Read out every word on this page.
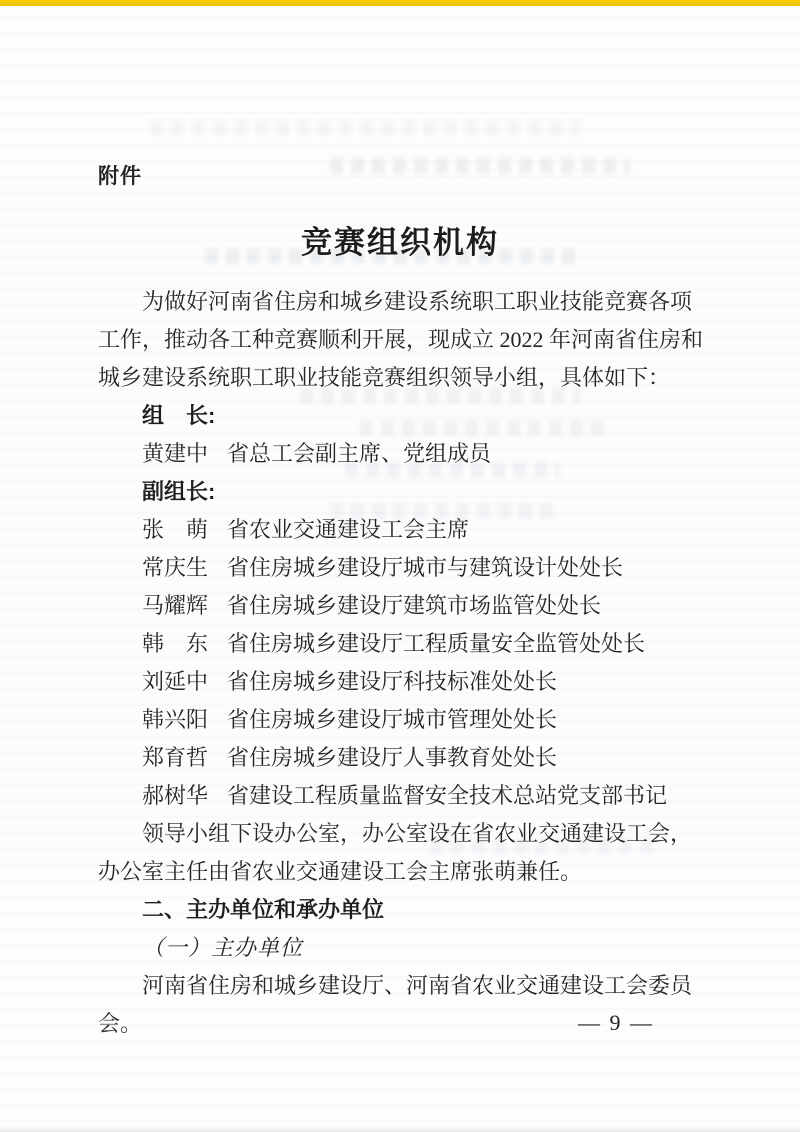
附件
竞赛组织机构

为做好河南省住房和城乡建设系统职工职业技能竞赛各项工作，推动各工种竞赛顺利开展，现成立 2022 年河南省住房和城乡建设系统职工职业技能竞赛组织领导小组，具体如下：

组　长:

黄建中 省总工会副主席、党组成员

副组长:

张　萌 省农业交通建设工会主席
常庆生 省住房城乡建设厅城市与建筑设计处处长
马耀辉 省住房城乡建设厅建筑市场监管处处长
韩　东 省住房城乡建设厅工程质量安全监管处处长
刘延中 省住房城乡建设厅科技标准处处长
韩兴阳 省住房城乡建设厅城市管理处处长
郑育哲 省住房城乡建设厅人事教育处处长
郝树华 省建设工程质量监督安全技术总站党支部书记

领导小组下设办公室，办公室设在省农业交通建设工会，办公室主任由省农业交通建设工会主席张萌兼任。

二、主办单位和承办单位

（一）主办单位

河南省住房和城乡建设厅、河南省农业交通建设工会委员会。	— 9 —
